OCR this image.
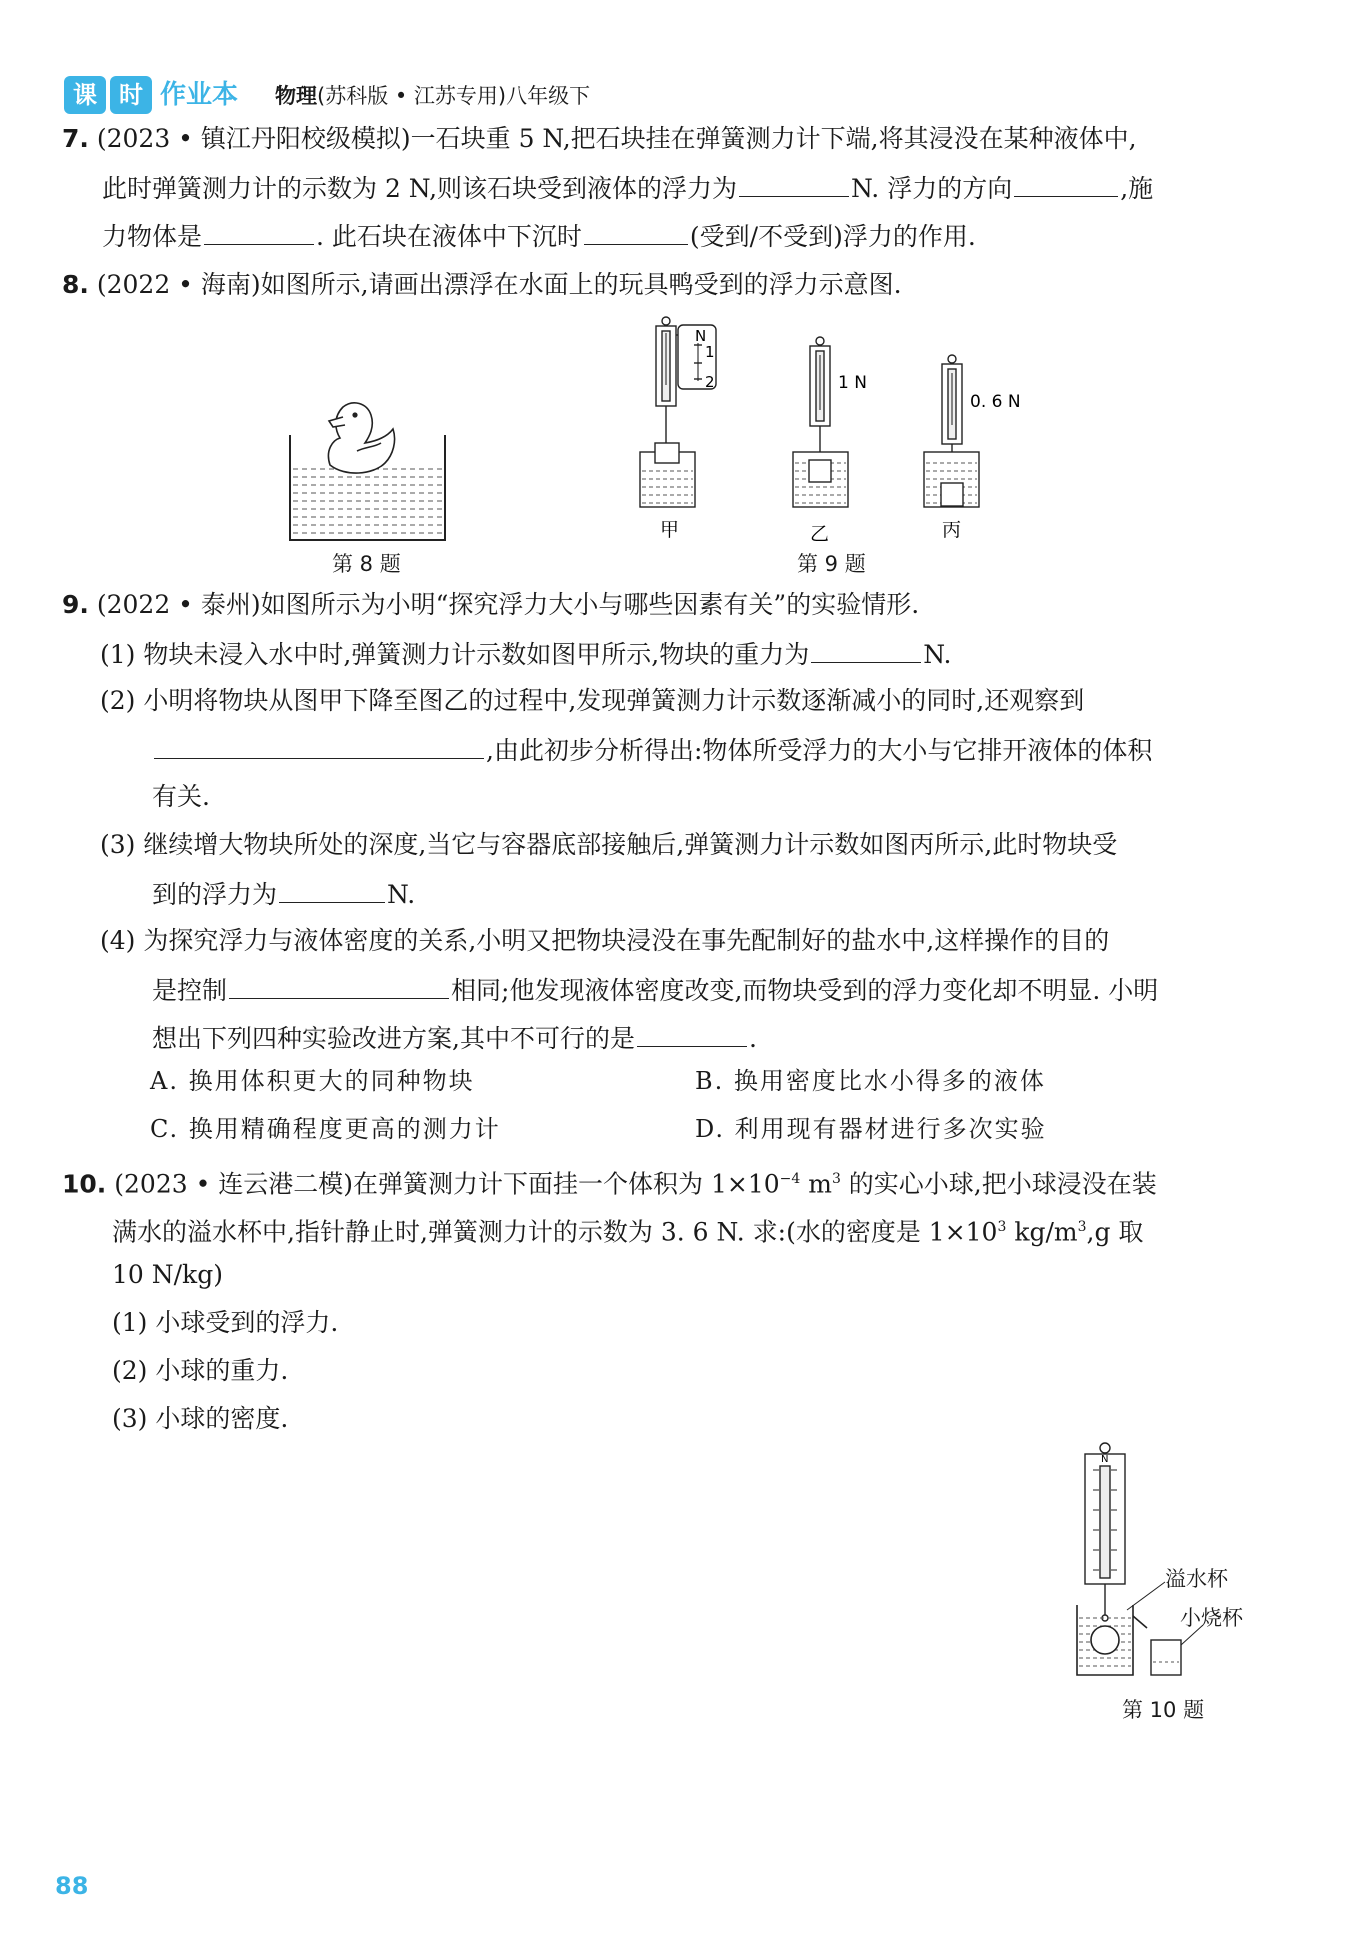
课 时 作业本 物理(苏科版 • 江苏专用)八年级下
7. (2023 • 镇江丹阳校级模拟)一石块重 5 N,把石块挂在弹簧测力计下端,将其浸没在某种液体中,
此时弹簧测力计的示数为 2 N,则该石块受到液体的浮力为	N. 浮力的方向	,施
力物体是	. 此石块在液体中下沉时	(受到/不受到)浮力的作用.
8. (2022 • 海南)如图所示,请画出漂浮在水面上的玩具鸭受到的浮力示意图.
第 8 题
N
1
2	1 N
0. 6 N
甲	乙	丙
第 9 题
9. (2022 • 泰州)如图所示为小明“探究浮力大小与哪些因素有关”的实验情形.
(1) 物块未浸入水中时,弹簧测力计示数如图甲所示,物块的重力为	N.
(2) 小明将物块从图甲下降至图乙的过程中,发现弹簧测力计示数逐渐减小的同时,还观察到
,由此初步分析得出:物体所受浮力的大小与它排开液体的体积
有关.
(3) 继续增大物块所处的深度,当它与容器底部接触后,弹簧测力计示数如图丙所示,此时物块受
到的浮力为	N.
(4) 为探究浮力与液体密度的关系,小明又把物块浸没在事先配制好的盐水中,这样操作的目的
是控制	相同;他发现液体密度改变,而物块受到的浮力变化却不明显. 小明
想出下列四种实验改进方案,其中不可行的是	.
A. 换用体积更大的同种物块	B. 换用密度比水小得多的液体
C. 换用精确程度更高的测力计	D. 利用现有器材进行多次实验
10. (2023 • 连云港二模)在弹簧测力计下面挂一个体积为 $1\times 10^{-4}$ $m^3$ 的实心小球,把小球浸没在装
满水的溢水杯中,指针静止时,弹簧测力计的示数为 3. 6 N. 求:(水的密度是 $1\times 10^3$ $kg/m^3,g$ 取
10 N/kg)
(1) 小球受到的浮力.
(2) 小球的重力.
(3) 小球的密度.
N
溢水杯
小烧杯
第 10 题
88
